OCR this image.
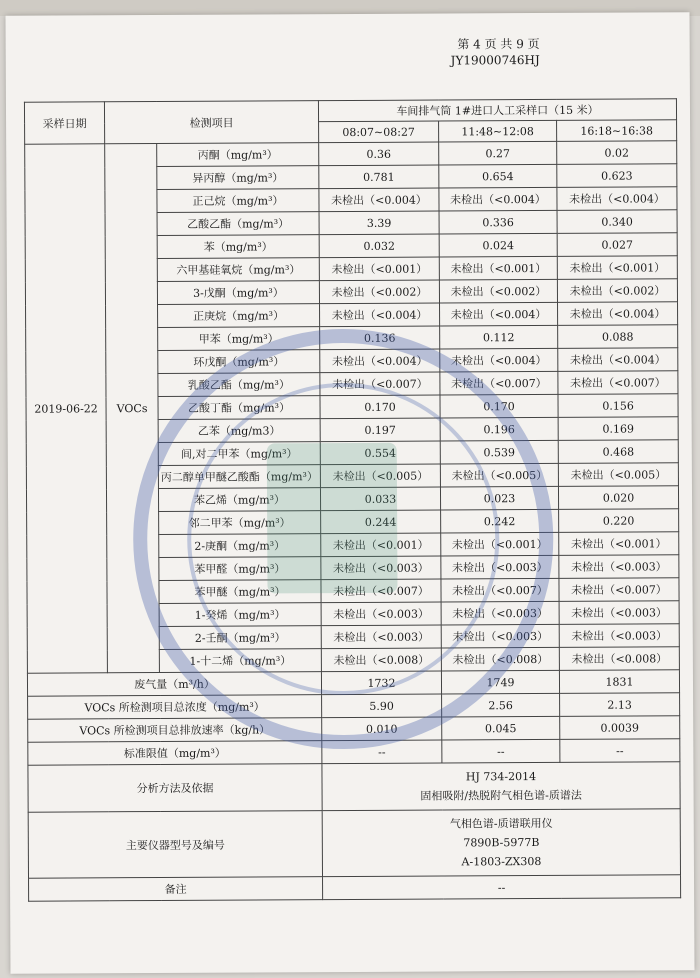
第 4 页 共 9 页
JY19000746HJ
采样日期	检测项目		车间排气筒 1#进口人工采样口（15 米）		
			08:07~08:27	11:48~12:08	16:18~16:38
2019-06-22	VOCs	丙酮（mg/m³）	0.36	0.27	0.02
		异丙醇（mg/m³）	0.781	0.654	0.623
		正己烷（mg/m³）	未检出（<0.004）	未检出（<0.004）	未检出（<0.004）
		乙酸乙酯（mg/m³）	3.39	0.336	0.340
		苯（mg/m³）	0.032	0.024	0.027
		六甲基硅氧烷（mg/m³）	未检出（<0.001）	未检出（<0.001）	未检出（<0.001）
		3-戊酮（mg/m³）	未检出（<0.002）	未检出（<0.002）	未检出（<0.002）
		正庚烷（mg/m³）	未检出（<0.004）	未检出（<0.004）	未检出（<0.004）
		甲苯（mg/m³）	0.136	0.112	0.088
		环戊酮（mg/m³）	未检出（<0.004）	未检出（<0.004）	未检出（<0.004）
		乳酸乙酯（mg/m³）	未检出（<0.007）	未检出（<0.007）	未检出（<0.007）
		乙酸丁酯（mg/m³）	0.170	0.170	0.156
		乙苯（mg/m3）	0.197	0.196	0.169
		间,对二甲苯（mg/m³）	0.554	0.539	0.468
		丙二醇单甲醚乙酸酯（mg/m³）	未检出（<0.005）	未检出（<0.005）	未检出（<0.005）
		苯乙烯（mg/m³）	0.033	0.023	0.020
		邻二甲苯（mg/m³）	0.244	0.242	0.220
		2-庚酮（mg/m³）	未检出（<0.001）	未检出（<0.001）	未检出（<0.001）
		苯甲醛（mg/m³）	未检出（<0.003）	未检出（<0.003）	未检出（<0.003）
		苯甲醚（mg/m³）	未检出（<0.007）	未检出（<0.007）	未检出（<0.007）
		1-癸烯（mg/m³）	未检出（<0.003）	未检出（<0.003）	未检出（<0.003）
		2-壬酮（mg/m³）	未检出（<0.003）	未检出（<0.003）	未检出（<0.003）
		1-十二烯（mg/m³）	未检出（<0.008）	未检出（<0.008）	未检出（<0.008）
废气量（m³/h）			1732	1749	1831
VOCs 所检测项目总浓度（mg/m³）			5.90	2.56	2.13
VOCs 所检测项目总排放速率（kg/h）			0.010	0.045	0.0039
标准限值（mg/m³）			--	--	--
分析方法及依据			HJ 734-2014
固相吸附/热脱附气相色谱-质谱法		

主要仪器型号及编号			气相色谱-质谱联用仪
7890B-5977B
A-1803-ZX308		

备注			--		
